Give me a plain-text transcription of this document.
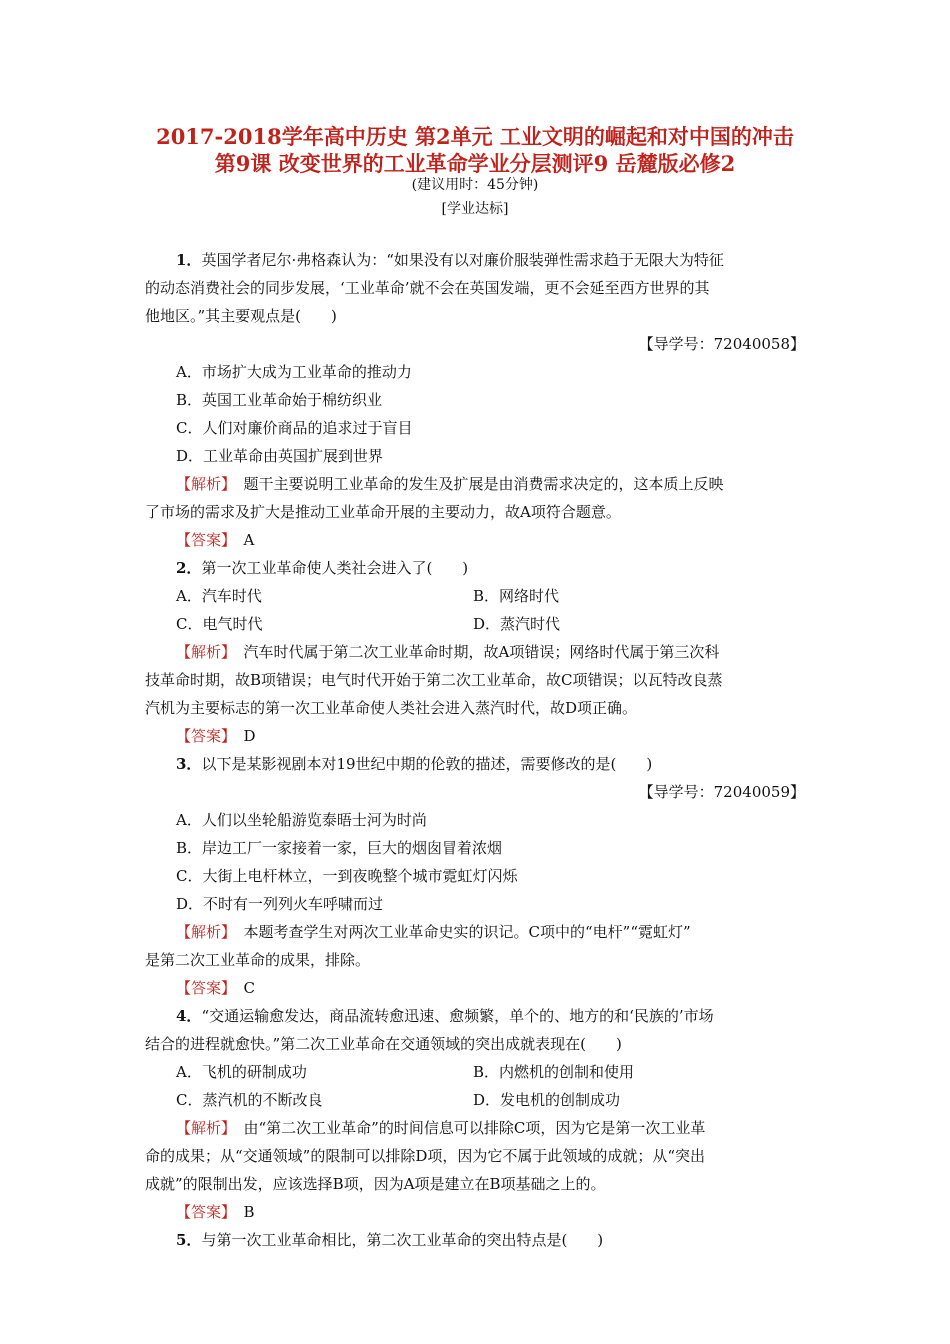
2017-2018学年高中历史 第2单元 工业文明的崛起和对中国的冲击
第9课 改变世界的工业革命学业分层测评9 岳麓版必修2
(建议用时：45分钟)
[学业达标]
1．英国学者尼尔·弗格森认为：“如果没有以对廉价服装弹性需求趋于无限大为特征
的动态消费社会的同步发展，‘工业革命’就不会在英国发端，更不会延至西方世界的其
他地区。”其主要观点是(　　)
【导学号：72040058】
A．市场扩大成为工业革命的推动力
B．英国工业革命始于棉纺织业
C．人们对廉价商品的追求过于盲目
D．工业革命由英国扩展到世界
【解析】　题干主要说明工业革命的发生及扩展是由消费需求决定的，这本质上反映
了市场的需求及扩大是推动工业革命开展的主要动力，故A项符合题意。
【答案】　A
2．第一次工业革命使人类社会进入了(　　)
A．汽车时代	B．网络时代
C．电气时代	D．蒸汽时代
【解析】　汽车时代属于第二次工业革命时期，故A项错误；网络时代属于第三次科
技革命时期，故B项错误；电气时代开始于第二次工业革命，故C项错误；以瓦特改良蒸
汽机为主要标志的第一次工业革命使人类社会进入蒸汽时代，故D项正确。
【答案】　D
3．以下是某影视剧本对19世纪中期的伦敦的描述，需要修改的是(　　)
【导学号：72040059】
A．人们以坐轮船游览泰晤士河为时尚
B．岸边工厂一家接着一家，巨大的烟囱冒着浓烟
C．大街上电杆林立，一到夜晚整个城市霓虹灯闪烁
D．不时有一列列火车呼啸而过
【解析】　本题考查学生对两次工业革命史实的识记。C项中的“电杆”“霓虹灯”
是第二次工业革命的成果，排除。
【答案】　C
4．“交通运输愈发达，商品流转愈迅速、愈频繁，单个的、地方的和‘民族的’市场
结合的进程就愈快。”第二次工业革命在交通领域的突出成就表现在(　　)
A．飞机的研制成功	B．内燃机的创制和使用
C．蒸汽机的不断改良	D．发电机的创制成功
【解析】　由“第二次工业革命”的时间信息可以排除C项，因为它是第一次工业革
命的成果；从“交通领域”的限制可以排除D项，因为它不属于此领域的成就；从“突出
成就”的限制出发，应该选择B项，因为A项是建立在B项基础之上的。
【答案】　B
5．与第一次工业革命相比，第二次工业革命的突出特点是(　　)
